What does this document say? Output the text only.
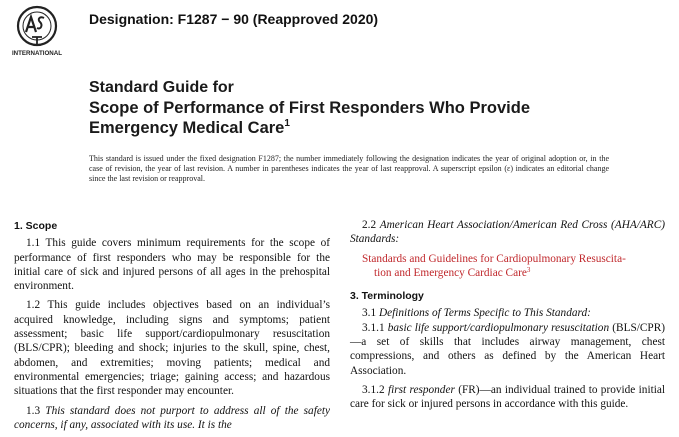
INTERNATIONAL
Designation: F1287 − 90 (Reapproved 2020)
Standard Guide for
Scope of Performance of First Responders Who Provide
Emergency Medical Care$^1$
This standard is issued under the fixed designation F1287; the number immediately following the designation indicates the year of original adoption or, in the case of revision, the year of last revision. A number in parentheses indicates the year of last reapproval. A superscript epsilon (ε) indicates an editorial change since the last revision or reapproval.
1. Scope

1.1 This guide covers minimum requirements for the scope of performance of first responders who may be responsible for the initial care of sick and injured persons of all ages in the prehospital environment.

1.2 This guide includes objectives based on an individual’s acquired knowledge, including signs and symptoms; patient assessment; basic life support/cardiopulmonary resuscitation (BLS/CPR); bleeding and shock; injuries to the skull, spine, chest, abdomen, and extremities; moving patients; medical and environmental emergencies; triage; gaining access; and hazardous situations that the first responder may encounter.

1.3 This standard does not purport to address all of the safety concerns, if any, associated with its use. It is the

2.2 American Heart Association/American Red Cross (AHA/ARC) Standards:

Standards and Guidelines for Cardiopulmonary Resuscita-
tion and Emergency Cardiac Care$^3$

3. Terminology

3.1 Definitions of Terms Specific to This Standard:

3.1.1 basic life support/cardiopulmonary resuscitation (BLS/CPR)—a set of skills that includes airway management, chest compressions, and others as defined by the American Heart Association.

3.1.2 first responder (FR)—an individual trained to provide initial care for sick or injured persons in accordance with this guide.
